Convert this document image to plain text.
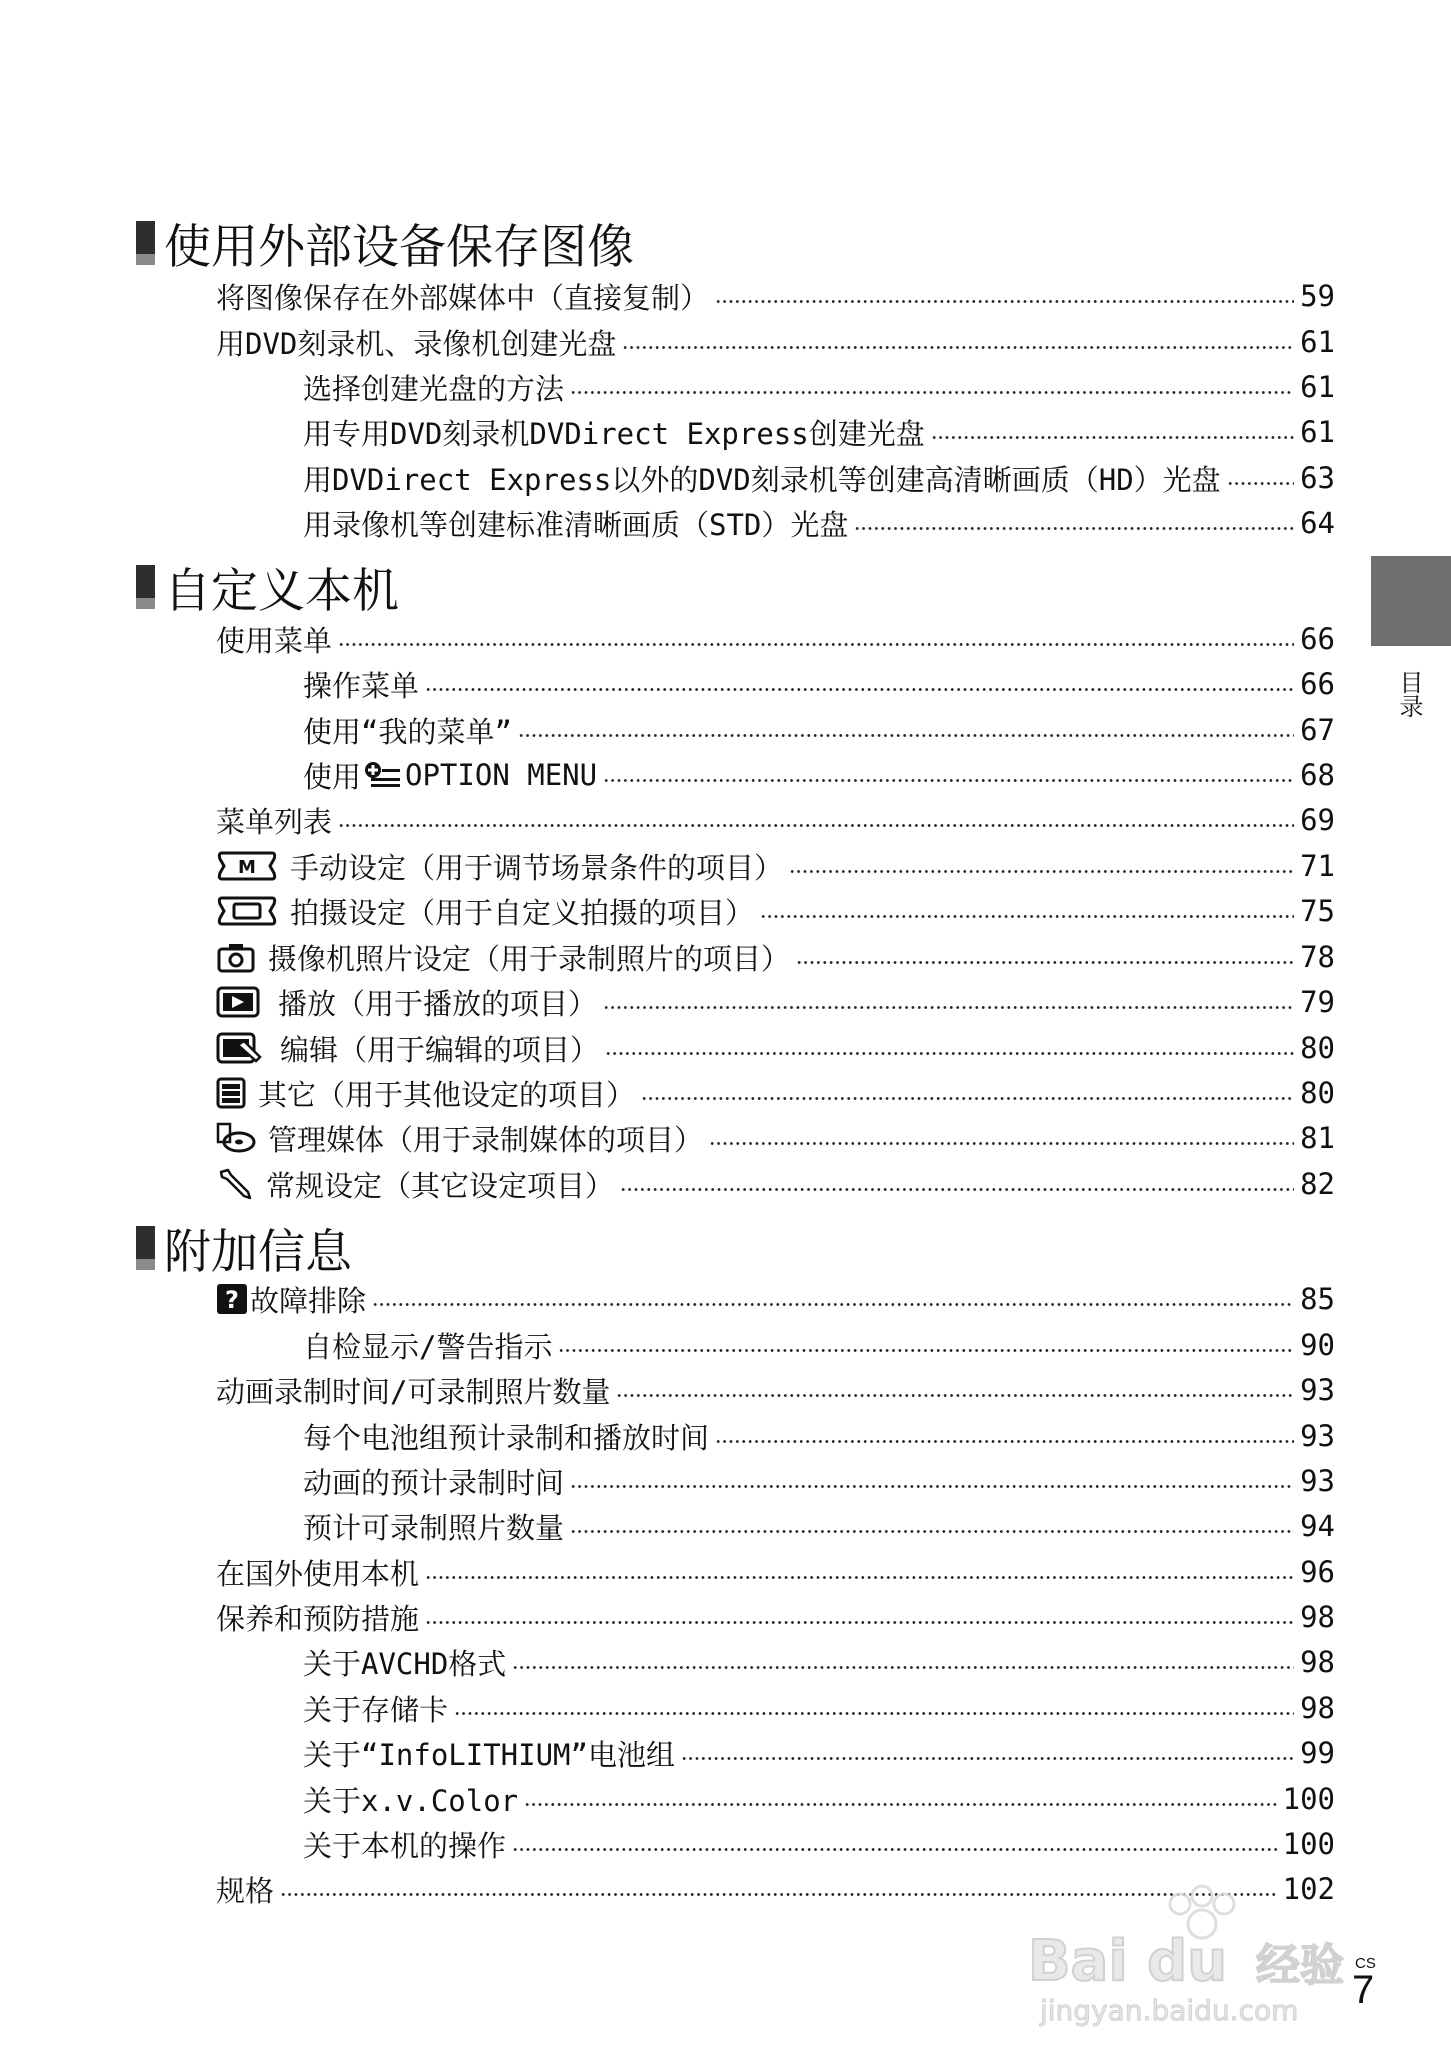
使用外部设备保存图像
将图像保存在外部媒体中（直接复制）	59
用DVD刻录机、录像机创建光盘	61
选择创建光盘的方法	61
用专用DVD刻录机DVDirect Express创建光盘	61
用DVDirect Express以外的DVD刻录机等创建高清晰画质（HD）光盘	63
用录像机等创建标准清晰画质（STD）光盘	64
自定义本机
使用菜单	66
操作菜单	66
使用“我的菜单”	67
使用 OPTION MENU	68
菜单列表	69
M 手动设定（用于调节场景条件的项目）	71
拍摄设定（用于自定义拍摄的项目）	75
摄像机照片设定（用于录制照片的项目）	78
播放（用于播放的项目）	79
编辑（用于编辑的项目）	80
其它（用于其他设定的项目）	80
管理媒体（用于录制媒体的项目）	81
常规设定（其它设定项目）	82
附加信息
? 故障排除	85
自检显示/警告指示	90
动画录制时间/可录制照片数量	93
每个电池组预计录制和播放时间	93
动画的预计录制时间	93
预计可录制照片数量	94
在国外使用本机	96
保养和预防措施	98
关于AVCHD格式	98
关于存储卡	98
关于“InfoLITHIUM”电池组	99
关于x.v.Color	100
关于本机的操作	100
规格	102
目录
CS
7
Bai du 经验
jingyan.baidu.com
